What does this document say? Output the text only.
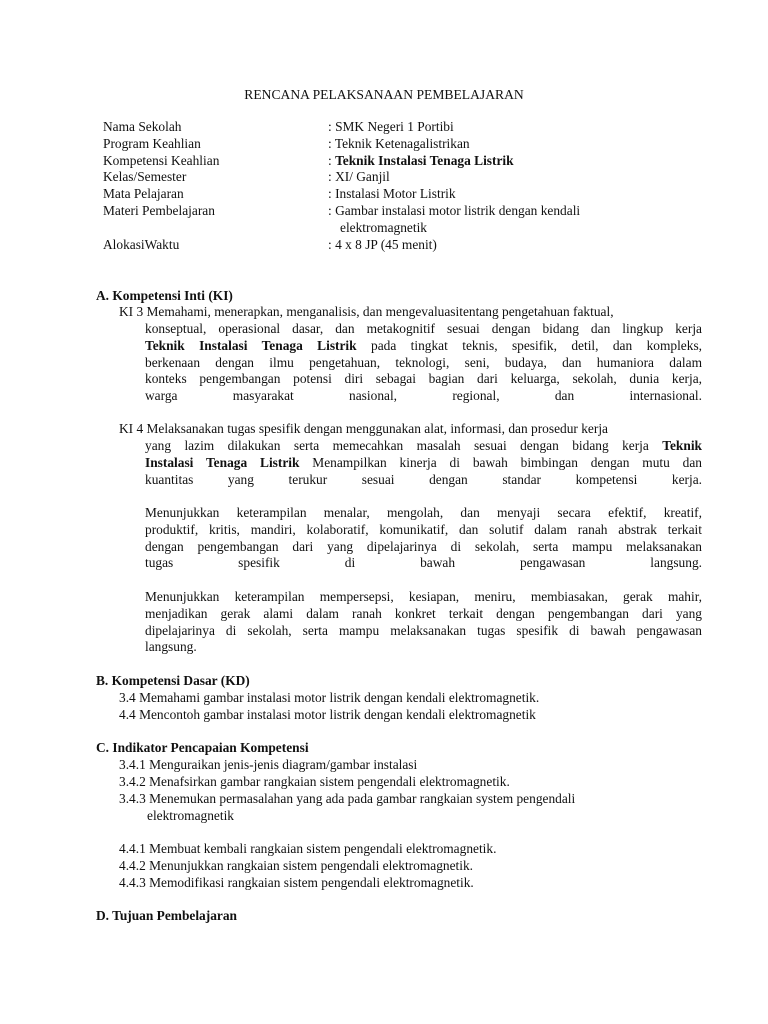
RENCANA PELAKSANAAN PEMBELAJARAN
Nama Sekolah	: SMK Negeri 1 Portibi
Program Keahlian	: Teknik Ketenagalistrikan
Kompetensi Keahlian	: Teknik Instalasi Tenaga Listrik
Kelas/Semester	: XI/ Ganjil
Mata Pelajaran	: Instalasi Motor Listrik
Materi Pembelajaran	: Gambar instalasi motor listrik dengan kendali
elektromagnetik
AlokasiWaktu	: 4 x 8 JP (45 menit)
A. Kompetensi Inti (KI)
KI 3 Memahami, menerapkan, menganalisis, dan mengevaluasitentang pengetahuan faktual,
konseptual, operasional dasar, dan metakognitif sesuai dengan bidang dan lingkup kerja
Teknik Instalasi Tenaga Listrik pada tingkat teknis, spesifik, detil, dan kompleks,
berkenaan dengan ilmu pengetahuan, teknologi, seni, budaya, dan humaniora dalam
konteks pengembangan potensi diri sebagai bagian dari keluarga, sekolah, dunia kerja,
warga masyarakat nasional, regional, dan internasional.
KI 4 Melaksanakan tugas spesifik dengan menggunakan alat, informasi, dan prosedur kerja
yang lazim dilakukan serta memecahkan masalah sesuai dengan bidang kerja Teknik
Instalasi Tenaga Listrik Menampilkan kinerja di bawah bimbingan dengan mutu dan
kuantitas yang terukur sesuai dengan standar kompetensi kerja.
Menunjukkan keterampilan menalar, mengolah, dan menyaji secara efektif, kreatif,
produktif, kritis, mandiri, kolaboratif, komunikatif, dan solutif dalam ranah abstrak terkait
dengan pengembangan dari yang dipelajarinya di sekolah, serta mampu melaksanakan
tugas spesifik di bawah pengawasan langsung.
Menunjukkan keterampilan mempersepsi, kesiapan, meniru, membiasakan, gerak mahir,
menjadikan gerak alami dalam ranah konkret terkait dengan pengembangan dari yang
dipelajarinya di sekolah, serta mampu melaksanakan tugas spesifik di bawah pengawasan
langsung.
B. Kompetensi Dasar (KD)
3.4 Memahami gambar instalasi motor listrik dengan kendali elektromagnetik.
4.4 Mencontoh gambar instalasi motor listrik dengan kendali elektromagnetik
C. Indikator Pencapaian Kompetensi
3.4.1 Menguraikan jenis-jenis diagram/gambar instalasi
3.4.2 Menafsirkan gambar rangkaian sistem pengendali elektromagnetik.
3.4.3 Menemukan permasalahan yang ada pada gambar rangkaian system pengendali
elektromagnetik
4.4.1 Membuat kembali rangkaian sistem pengendali elektromagnetik.
4.4.2 Menunjukkan rangkaian sistem pengendali elektromagnetik.
4.4.3 Memodifikasi rangkaian sistem pengendali elektromagnetik.
D. Tujuan Pembelajaran
